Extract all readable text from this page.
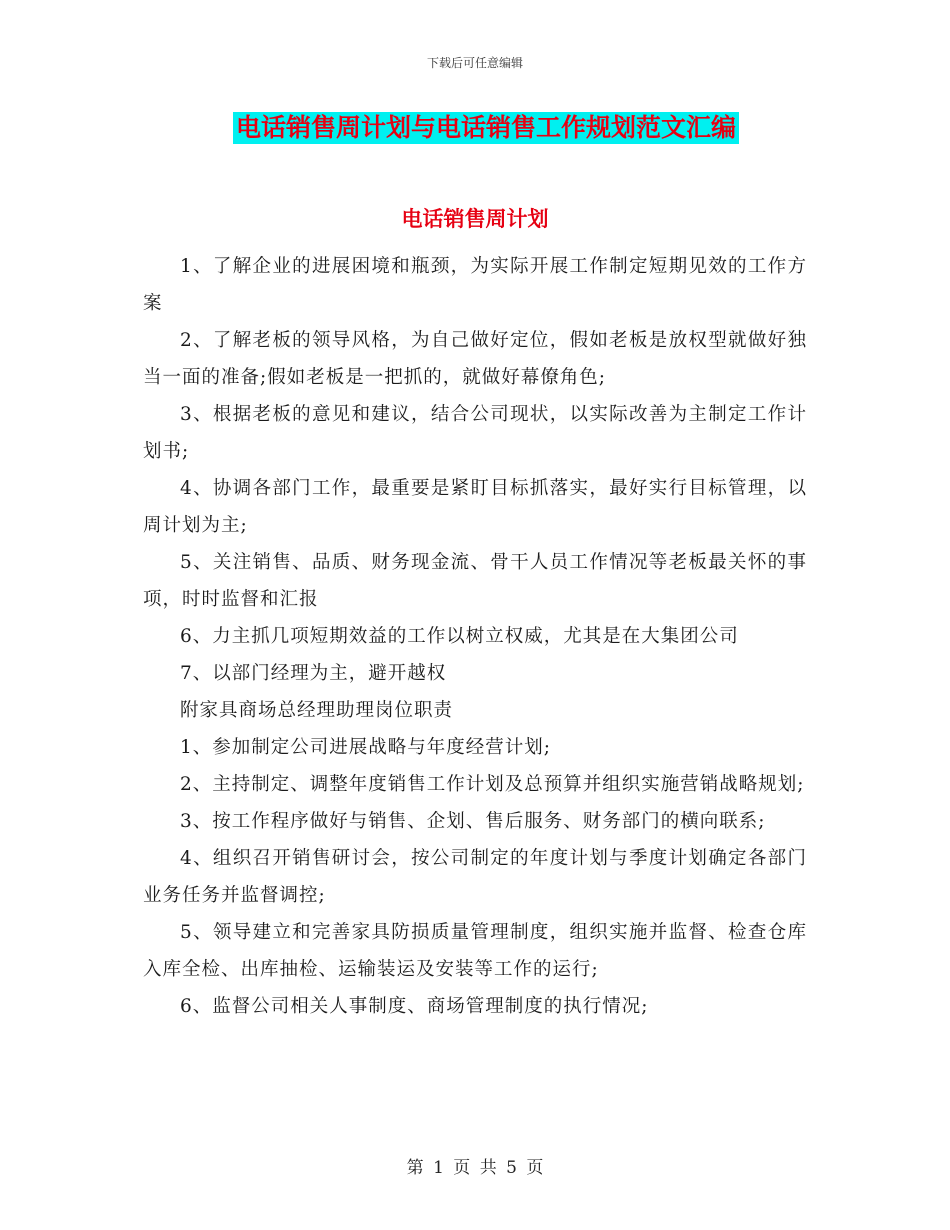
下载后可任意编辑
电话销售周计划与电话销售工作规划范文汇编
电话销售周计划

1、了解企业的进展困境和瓶颈，为实际开展工作制定短期见效的工作方案

2、了解老板的领导风格，为自己做好定位，假如老板是放权型就做好独当一面的准备;假如老板是一把抓的，就做好幕僚角色;

3、根据老板的意见和建议，结合公司现状，以实际改善为主制定工作计划书;

4、协调各部门工作，最重要是紧盯目标抓落实，最好实行目标管理，以周计划为主;

5、关注销售、品质、财务现金流、骨干人员工作情况等老板最关怀的事项，时时监督和汇报

6、力主抓几项短期效益的工作以树立权威，尤其是在大集团公司

7、以部门经理为主，避开越权

附家具商场总经理助理岗位职责

1、参加制定公司进展战略与年度经营计划;

2、主持制定、调整年度销售工作计划及总预算并组织实施营销战略规划;

3、按工作程序做好与销售、企划、售后服务、财务部门的横向联系;

4、组织召开销售研讨会，按公司制定的年度计划与季度计划确定各部门业务任务并监督调控;

5、领导建立和完善家具防损质量管理制度，组织实施并监督、检查仓库入库全检、出库抽检、运输装运及安装等工作的运行;

6、监督公司相关人事制度、商场管理制度的执行情况;

第 1 页 共 5 页
